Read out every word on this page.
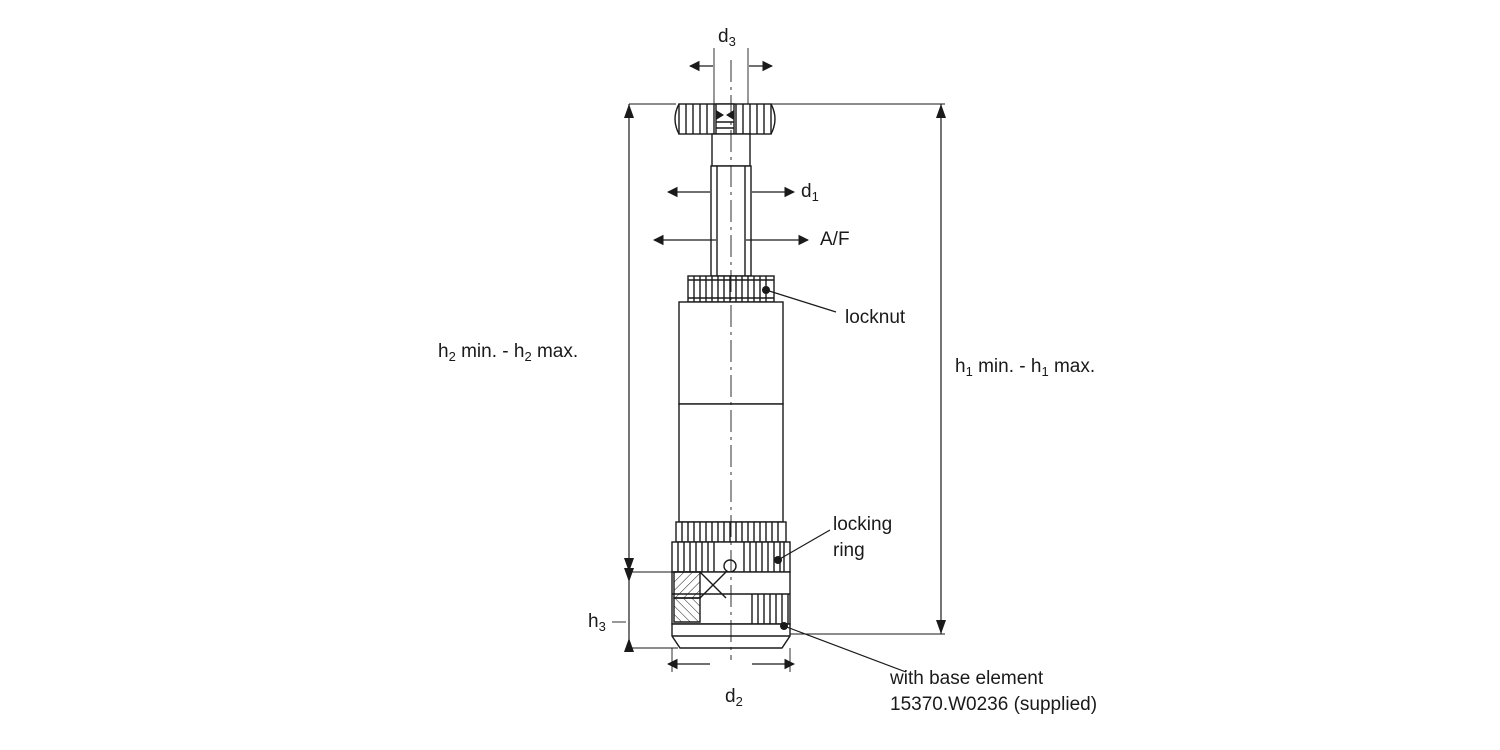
$d_3$
$d_1$
A/F
$d_2$
$h_3$
$h_2$ min. - $h_2$ max.
$h_1$ min. - $h_1$ max.
locknut
locking
ring
with base element
15370.W0236 (supplied)
